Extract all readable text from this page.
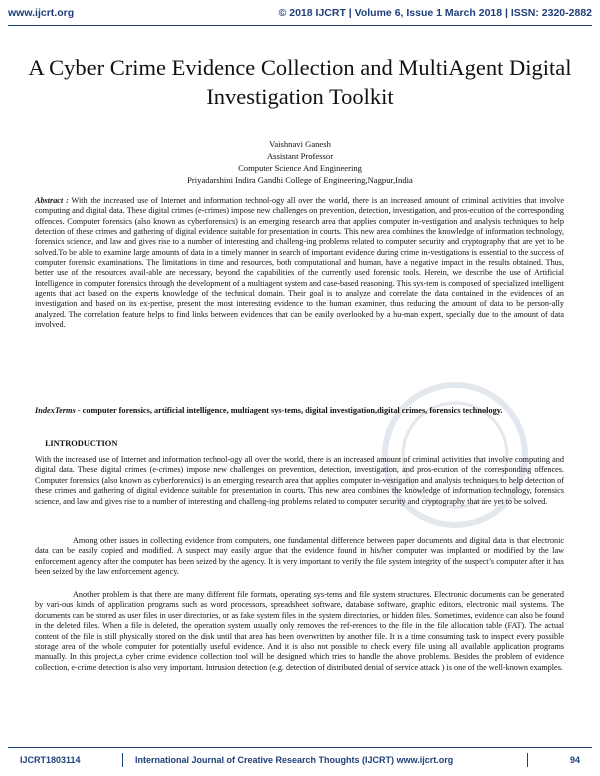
www.ijcrt.org	© 2018 IJCRT | Volume 6, Issue 1 March 2018 | ISSN: 2320-2882
A Cyber Crime Evidence Collection and MultiAgent Digital Investigation Toolkit
Vaishnavi Ganesh
Assistant Professor
Computer Science And Engineering
Priyadarshini Indira Gandhi College of Engineering,Nagpur,India
Abstract : With the increased use of Internet and information technol-ogy all over the world, there is an increased amount of criminal activities that involve computing and digital data. These digital crimes (e-crimes) impose new challenges on prevention, detection, investigation, and pros-ecution of the corresponding offences. Computer forensics (also known as cyberforensics) is an emerging research area that applies computer in-vestigation and analysis techniques to help detection of these crimes and gathering of digital evidence suitable for presentation in courts. This new area combines the knowledge of information technology, forensics science, and law and gives rise to a number of interesting and challeng-ing problems related to computer security and cryptography that are yet to be solved.To be able to examine large amounts of data in a timely manner in search of important evidence during crime in-vestigations is essential to the success of computer forensic examinations. The limitations in time and resources, both computational and human, have a negative impact in the results obtained. Thus, better use of the resources avail-able are necessary, beyond the capabilities of the currently used forensic tools. Herein, we describe the use of Artificial Intelligence in computer forensics through the development of a multiagent system and case-based reasoning. This sys-tem is composed of specialized intelligent agents that act based on the experts knowledge of the technical domain. Their goal is to analyze and correlate the data contained in the evidences of an investigation and based on its ex-pertise, present the most interesting evidence to the human examiner, thus reducing the amount of data to be person-ally analyzed. The correlation feature helps to find links between evidences that can be easily overlooked by a hu-man expert, specially due to the amount of data involved.
IndexTerms - computer forensics, artificial intelligence, multiagent sys-tems, digital investigation,digital crimes, forensics technology.
I.INTRODUCTION
With the increased use of Internet and information technol-ogy all over the world, there is an increased amount of criminal activities that involve computing and digital data. These digital crimes (e-crimes) impose new challenges on prevention, detection, investigation, and pros-ecution of the corresponding offences. Computer forensics (also known as cyberforensics) is an emerging research area that applies computer in-vestigation and analysis techniques to help detection of these crimes and gathering of digital evidence suitable for presentation in courts. This new area combines the knowledge of information technology, forensics science, and law and gives rise to a number of interesting and challeng-ing problems related to computer security and cryptography that are yet to be solved.
Among other issues in collecting evidence from computers, one fundamental difference between paper documents and digital data is that electronic data can be easily copied and modified. A suspect may easily argue that the evidence found in his/her computer was implanted or modified by the law enforcement agency after the computer has been seized by the agency. It is very important to verify the file system integrity of the suspect’s computer after it has been seized by the law enforcement agency.
Another problem is that there are many different file formats, operating sys-tems and file system structures. Electronic documents can be generated by vari-ous kinds of application programs such as word processors, spreadsheet software, database software, graphic editors, electronic mail systems. The documents can be stored as user files in user directories, or as fake system files in the system directories, or hidden files. Sometimes, evidence can also be found in the deleted files. When a file is deleted, the operation system usually only removes the ref-erences to the file in the file allocation table (FAT). The actual content of the file is still physically stored on the disk until that area has been overwritten by another file. It is a time consuming task to inspect every possible storage area of the whole computer for potentially useful evidence. And it is also not possible to check every file using all available application programs manually. In this project,a cyber crime evidence collection tool will be designed which tries to handle the above problems. Besides the problem of evidence collection, e-crime detection is also very important. Intrusion detection (e.g. detection of distributed denial of service attack ) is one of the well-known examples.
IJCRT1803114	International Journal of Creative Research Thoughts (IJCRT) www.ijcrt.org	94
